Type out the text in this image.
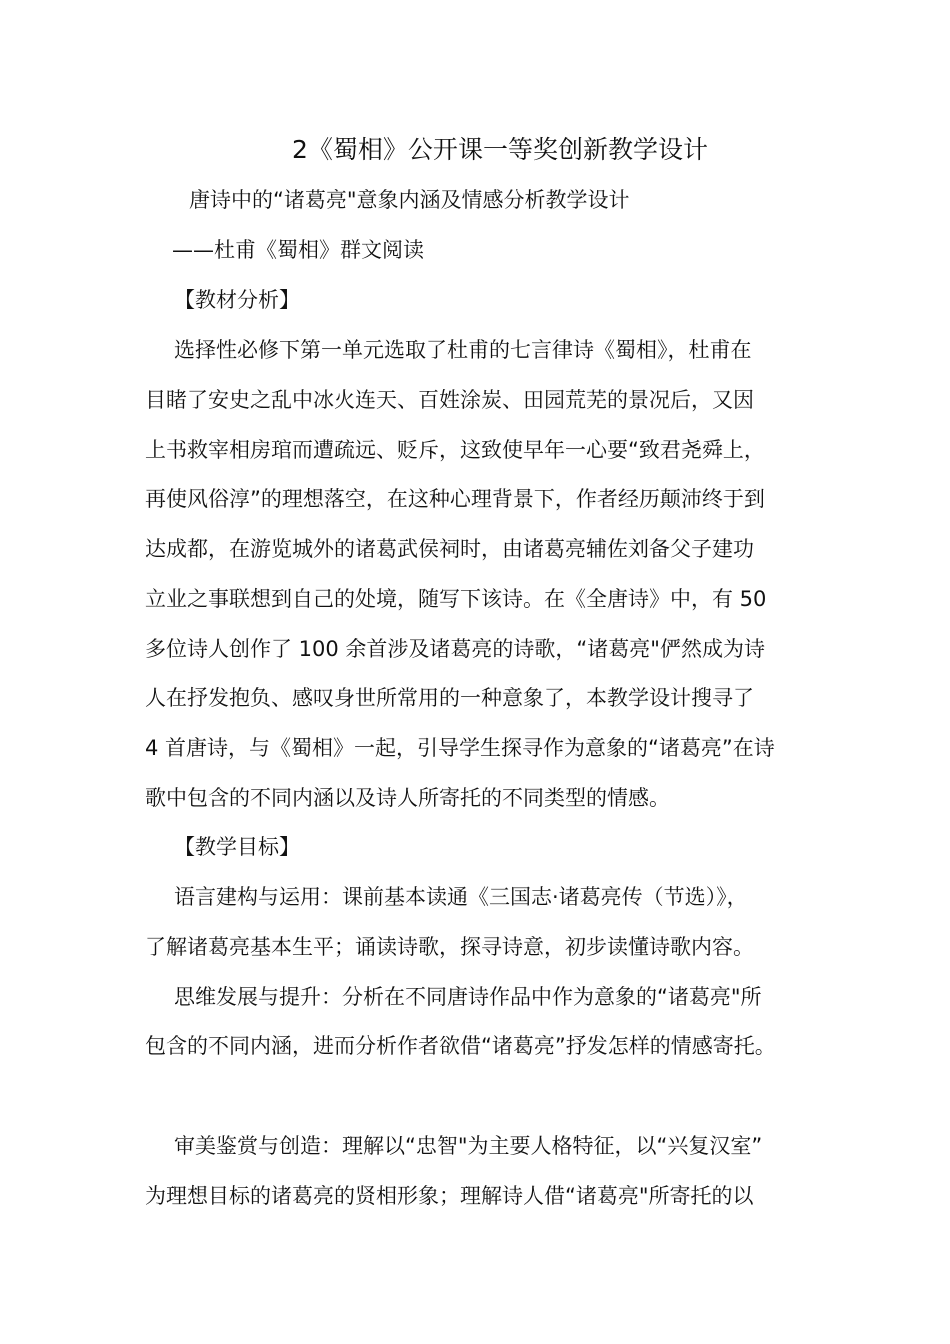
2《蜀相》公开课一等奖创新教学设计
唐诗中的“诸葛亮"意象内涵及情感分析教学设计
——杜甫《蜀相》群文阅读
【教材分析】
选择性必修下第一单元选取了杜甫的七言律诗《蜀相》，杜甫在
目睹了安史之乱中冰火连天、百姓涂炭、田园荒芜的景况后，又因
上书救宰相房琯而遭疏远、贬斥，这致使早年一心要“致君尧舜上，
再使风俗淳”的理想落空，在这种心理背景下，作者经历颠沛终于到
达成都，在游览城外的诸葛武侯祠时，由诸葛亮辅佐刘备父子建功
立业之事联想到自己的处境，随写下该诗。在《全唐诗》中，有 50
多位诗人创作了 100 余首涉及诸葛亮的诗歌，“诸葛亮"俨然成为诗
人在抒发抱负、感叹身世所常用的一种意象了，本教学设计搜寻了
4 首唐诗，与《蜀相》一起，引导学生探寻作为意象的“诸葛亮”在诗
歌中包含的不同内涵以及诗人所寄托的不同类型的情感。
【教学目标】
语言建构与运用：课前基本读通《三国志·诸葛亮传（节选）》，
了解诸葛亮基本生平；诵读诗歌，探寻诗意，初步读懂诗歌内容。
思维发展与提升：分析在不同唐诗作品中作为意象的“诸葛亮"所
包含的不同内涵，进而分析作者欲借“诸葛亮”抒发怎样的情感寄托。
审美鉴赏与创造：理解以“忠智"为主要人格特征，以“兴复汉室”
为理想目标的诸葛亮的贤相形象；理解诗人借“诸葛亮"所寄托的以
